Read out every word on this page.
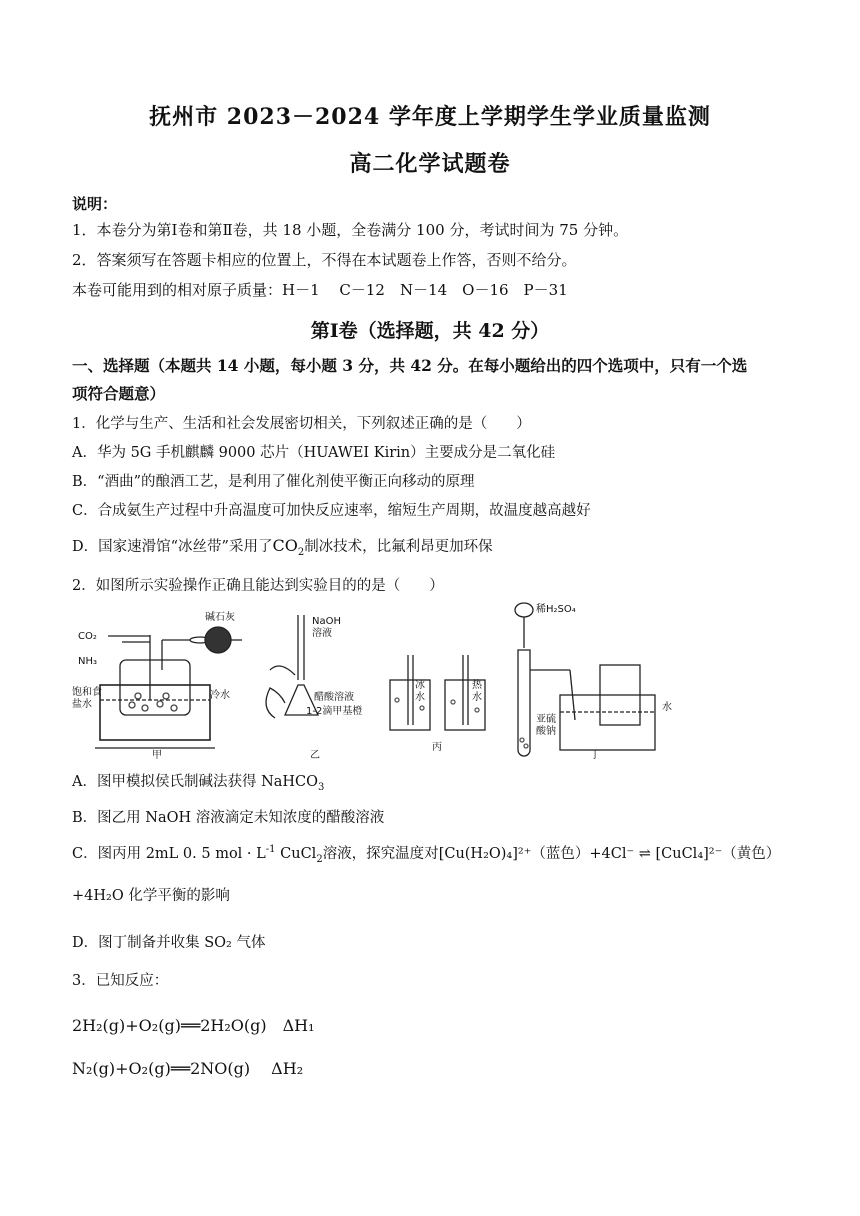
抚州市 2023－2024 学年度上学期学生学业质量监测
高二化学试题卷
说明：
1．本卷分为第Ⅰ卷和第Ⅱ卷，共 18 小题，全卷满分 100 分，考试时间为 75 分钟。
2．答案须写在答题卡相应的位置上，不得在本试题卷上作答，否则不给分。
本卷可能用到的相对原子质量：H－1　 C－12　N－14　O－16　P－31
第Ⅰ卷（选择题，共 42 分）
一、选择题（本题共 14 小题，每小题 3 分，共 42 分。在每小题给出的四个选项中，只有一个选
项符合题意）
1．化学与生产、生活和社会发展密切相关，下列叙述正确的是（　　）
A．华为 5G 手机麒麟 9000 芯片（HUAWEI Kirin）主要成分是二氧化硅
B．“酒曲”的酿酒工艺，是利用了催化剂使平衡正向移动的原理
C．合成氨生产过程中升高温度可加快反应速率，缩短生产周期，故温度越高越好
D．国家速滑馆“冰丝带”采用了$CO_2$制冰技术，比氟利昂更加环保
2．如图所示实验操作正确且能达到实验目的的是（　　）
CO₂
NH₃
碱石灰
饱和食
盐水
冷水
甲
NaOH
溶液
醋酸溶液
1-2滴甲基橙
乙
冰
水
热
水
丙
稀H₂SO₄
亚硫
酸钠
水
丁
A．图甲模拟侯氏制碱法获得 NaHCO$_3$
B．图乙用 NaOH 溶液滴定未知浓度的醋酸溶液
C．图丙用 2mL 0. 5 mol · $L^{-1}$ CuCl$_2$溶液，探究温度对[Cu(H₂O)₄]²⁺（蓝色）+4Cl⁻ ⇌ [CuCl₄]²⁻（黄色）
+4H₂O 化学平衡的影响
D．图丁制备并收集 SO₂ 气体
3．已知反应：
2H₂(g)+O₂(g)══2H₂O(g)　ΔH₁
N₂(g)+O₂(g)══2NO(g)　 ΔH₂
